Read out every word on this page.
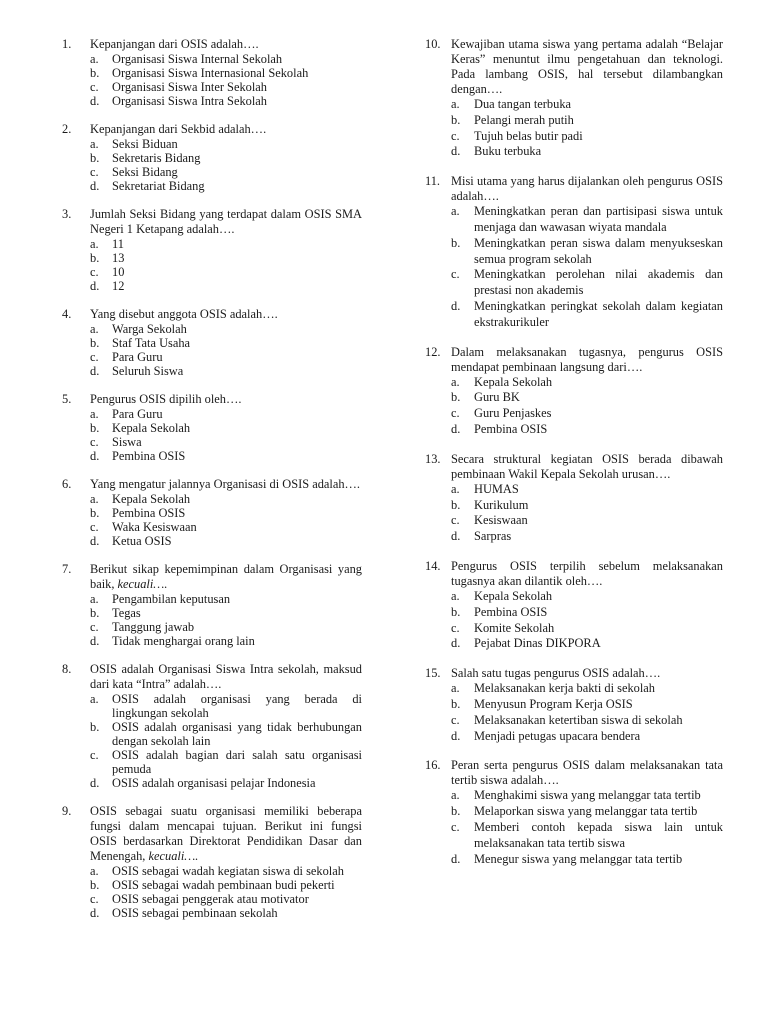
1.	Kepanjangan dari OSIS adalah….
a.	Organisasi Siswa Internal Sekolah
b.	Organisasi Siswa Internasional Sekolah
c.	Organisasi Siswa Inter Sekolah
d.	Organisasi Siswa Intra Sekolah
2.	Kepanjangan dari Sekbid adalah….
a.	Seksi Biduan
b.	Sekretaris Bidang
c.	Seksi Bidang
d.	Sekretariat Bidang
3.	Jumlah Seksi Bidang yang terdapat dalam OSIS SMA Negeri 1 Ketapang adalah….
a.	11
b.	13
c.	10
d.	12
4.	Yang disebut anggota OSIS adalah….
a.	Warga Sekolah
b.	Staf Tata Usaha
c.	Para Guru
d.	Seluruh Siswa
5.	Pengurus OSIS dipilih oleh….
a.	Para Guru
b.	Kepala Sekolah
c.	Siswa
d.	Pembina OSIS
6.	Yang mengatur jalannya Organisasi di OSIS adalah….
a.	Kepala Sekolah
b.	Pembina OSIS
c.	Waka Kesiswaan
d.	Ketua OSIS
7.	Berikut sikap kepemimpinan dalam Organisasi yang baik, kecuali….
a.	Pengambilan keputusan
b.	Tegas
c.	Tanggung jawab
d.	Tidak menghargai orang lain
8.	OSIS adalah Organisasi Siswa Intra sekolah, maksud dari kata “Intra” adalah….
a.	OSIS adalah organisasi yang berada di lingkungan sekolah
b.	OSIS adalah organisasi yang tidak berhubungan dengan sekolah lain
c.	OSIS adalah bagian dari salah satu organisasi pemuda
d.	OSIS adalah organisasi pelajar Indonesia
9.	OSIS sebagai suatu organisasi memiliki beberapa fungsi dalam mencapai tujuan. Berikut ini fungsi OSIS berdasarkan Direktorat Pendidikan Dasar dan Menengah, kecuali….
a.	OSIS sebagai wadah kegiatan siswa di sekolah
b.	OSIS sebagai wadah pembinaan budi pekerti
c.	OSIS sebagai penggerak atau motivator
d.	OSIS sebagai pembinaan sekolah
10. Kewajiban utama siswa yang pertama adalah “Belajar Keras” menuntut ilmu pengetahuan dan teknologi. Pada lambang OSIS, hal tersebut dilambangkan dengan….
a.	Dua tangan terbuka
b.	Pelangi merah putih
c.	Tujuh belas butir padi
d.	Buku terbuka
11. Misi utama yang harus dijalankan oleh pengurus OSIS adalah….
a.	Meningkatkan peran dan partisipasi siswa untuk menjaga dan wawasan wiyata mandala
b.	Meningkatkan peran siswa dalam menyukseskan semua program sekolah
c.	Meningkatkan perolehan nilai akademis dan prestasi non akademis
d.	Meningkatkan peringkat sekolah dalam kegiatan ekstrakurikuler
12. Dalam melaksanakan tugasnya, pengurus OSIS mendapat pembinaan langsung dari….
a.	Kepala Sekolah
b.	Guru BK
c.	Guru Penjaskes
d.	Pembina OSIS
13. Secara struktural kegiatan OSIS berada dibawah pembinaan Wakil Kepala Sekolah urusan….
a.	HUMAS
b.	Kurikulum
c.	Kesiswaan
d.	Sarpras
14. Pengurus OSIS terpilih sebelum melaksanakan tugasnya akan dilantik oleh….
a.	Kepala Sekolah
b.	Pembina OSIS
c.	Komite Sekolah
d.	Pejabat Dinas DIKPORA
15. Salah satu tugas pengurus OSIS adalah….
a.	Melaksanakan kerja bakti di sekolah
b.	Menyusun Program Kerja OSIS
c.	Melaksanakan ketertiban siswa di sekolah
d.	Menjadi petugas upacara bendera
16. Peran serta pengurus OSIS dalam melaksanakan tata tertib siswa adalah….
a.	Menghakimi siswa yang melanggar tata tertib
b.	Melaporkan siswa yang melanggar tata tertib
c.	Memberi contoh kepada siswa lain untuk melaksanakan tata tertib siswa
d.	Menegur siswa yang melanggar tata tertib
